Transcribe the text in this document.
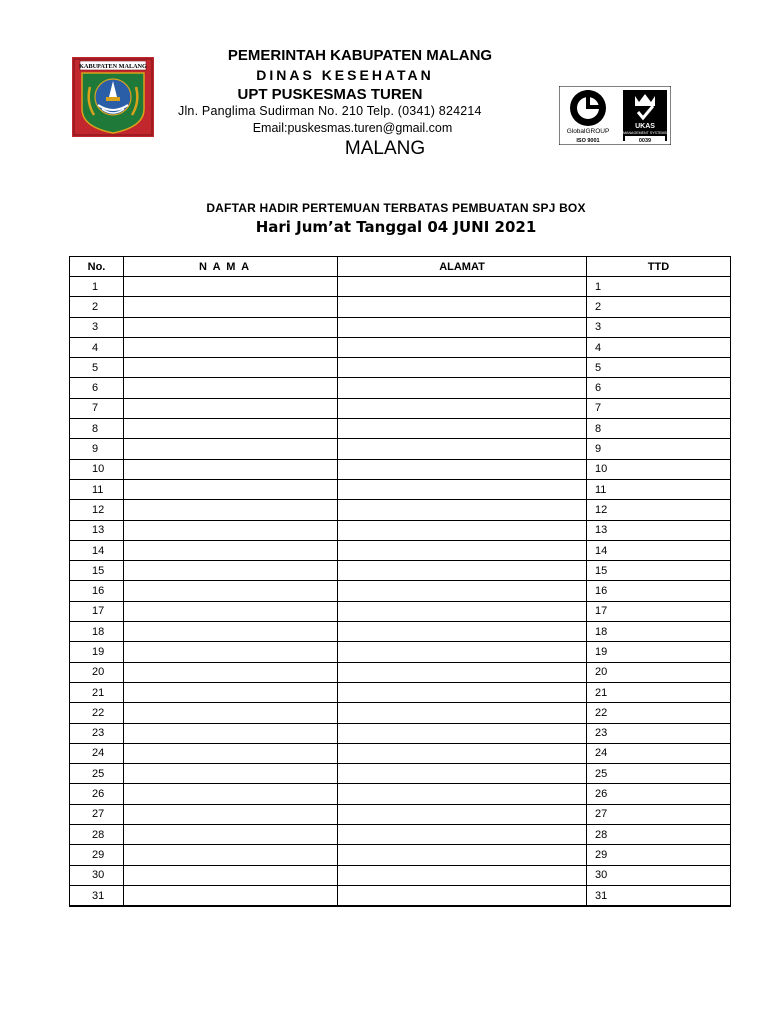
KABUPATEN MALANG
PEMERINTAH KABUPATEN MALANG
DINAS KESEHATAN
UPT PUSKESMAS TUREN
Jln. Panglima Sudirman No. 210 Telp. (0341) 824214
Email:puskesmas.turen@gmail.com
MALANG
GlobalGROUP
ISO 9001
UKAS
MANAGEMENT SYSTEMS
0039
DAFTAR HADIR PERTEMUAN TERBATAS PEMBUATAN SPJ BOX
Hari Jum’at Tanggal 04 JUNI 2021
No.	N  A  M  A	ALAMAT	TTD
1			1
2			2
3			3
4			4
5			5
6			6
7			7
8			8
9			9
10			10
11			11
12			12
13			13
14			14
15			15
16			16
17			17
18			18
19			19
20			20
21			21
22			22
23			23
24			24
25			25
26			26
27			27
28			28
29			29
30			30
31			31
